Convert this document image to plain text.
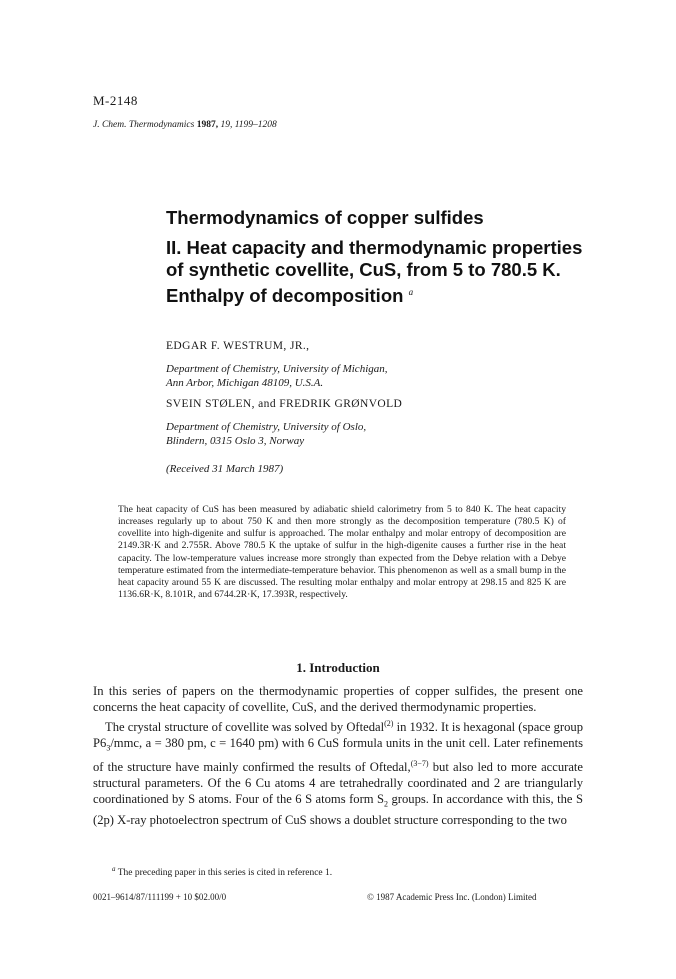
M-2148
J. Chem. Thermodynamics 1987, 19, 1199–1208
Thermodynamics of copper sulfides
II. Heat capacity and thermodynamic properties of synthetic covellite, CuS, from 5 to 780.5 K. Enthalpy of decomposition $^a$
EDGAR F. WESTRUM, JR.,
Department of Chemistry, University of Michigan,
Ann Arbor, Michigan 48109, U.S.A.
SVEIN STØLEN, and FREDRIK GRØNVOLD
Department of Chemistry, University of Oslo,
Blindern, 0315 Oslo 3, Norway
(Received 31 March 1987)
The heat capacity of CuS has been measured by adiabatic shield calorimetry from 5 to 840 K. The heat capacity increases regularly up to about 750 K and then more strongly as the decomposition temperature (780.5 K) of covellite into high-digenite and sulfur is approached. The molar enthalpy and molar entropy of decomposition are 2149.3R·K and 2.755R. Above 780.5 K the uptake of sulfur in the high-digenite causes a further rise in the heat capacity. The low-temperature values increase more strongly than expected from the Debye relation with a Debye temperature estimated from the intermediate-temperature behavior. This phenomenon as well as a small bump in the heat capacity around 55 K are discussed. The resulting molar enthalpy and molar entropy at 298.15 and 825 K are 1136.6R·K, 8.101R, and 6744.2R·K, 17.393R, respectively.
1. Introduction

In this series of papers on the thermodynamic properties of copper sulfides, the present one concerns the heat capacity of covellite, CuS, and the derived thermodynamic properties.

The crystal structure of covellite was solved by Oftedal$^{(2)}$ in 1932. It is hexagonal (space group $P6_3$/mmc, a = 380 pm, c = 1640 pm) with 6 CuS formula units in the unit cell. Later refinements of the structure have mainly confirmed the results of Oftedal,$^{(3-7)}$ but also led to more accurate structural parameters. Of the 6 Cu atoms 4 are tetrahedrally coordinated and 2 are triangularly coordinationed by S atoms. Four of the 6 S atoms form $S_2$ groups. In accordance with this, the S (2p) X-ray photoelectron spectrum of CuS shows a doublet structure corresponding to the two

$^a$ The preceding paper in this series is cited in reference 1.
0021–9614/87/111199 + 10 $02.00/0	© 1987 Academic Press Inc. (London) Limited
